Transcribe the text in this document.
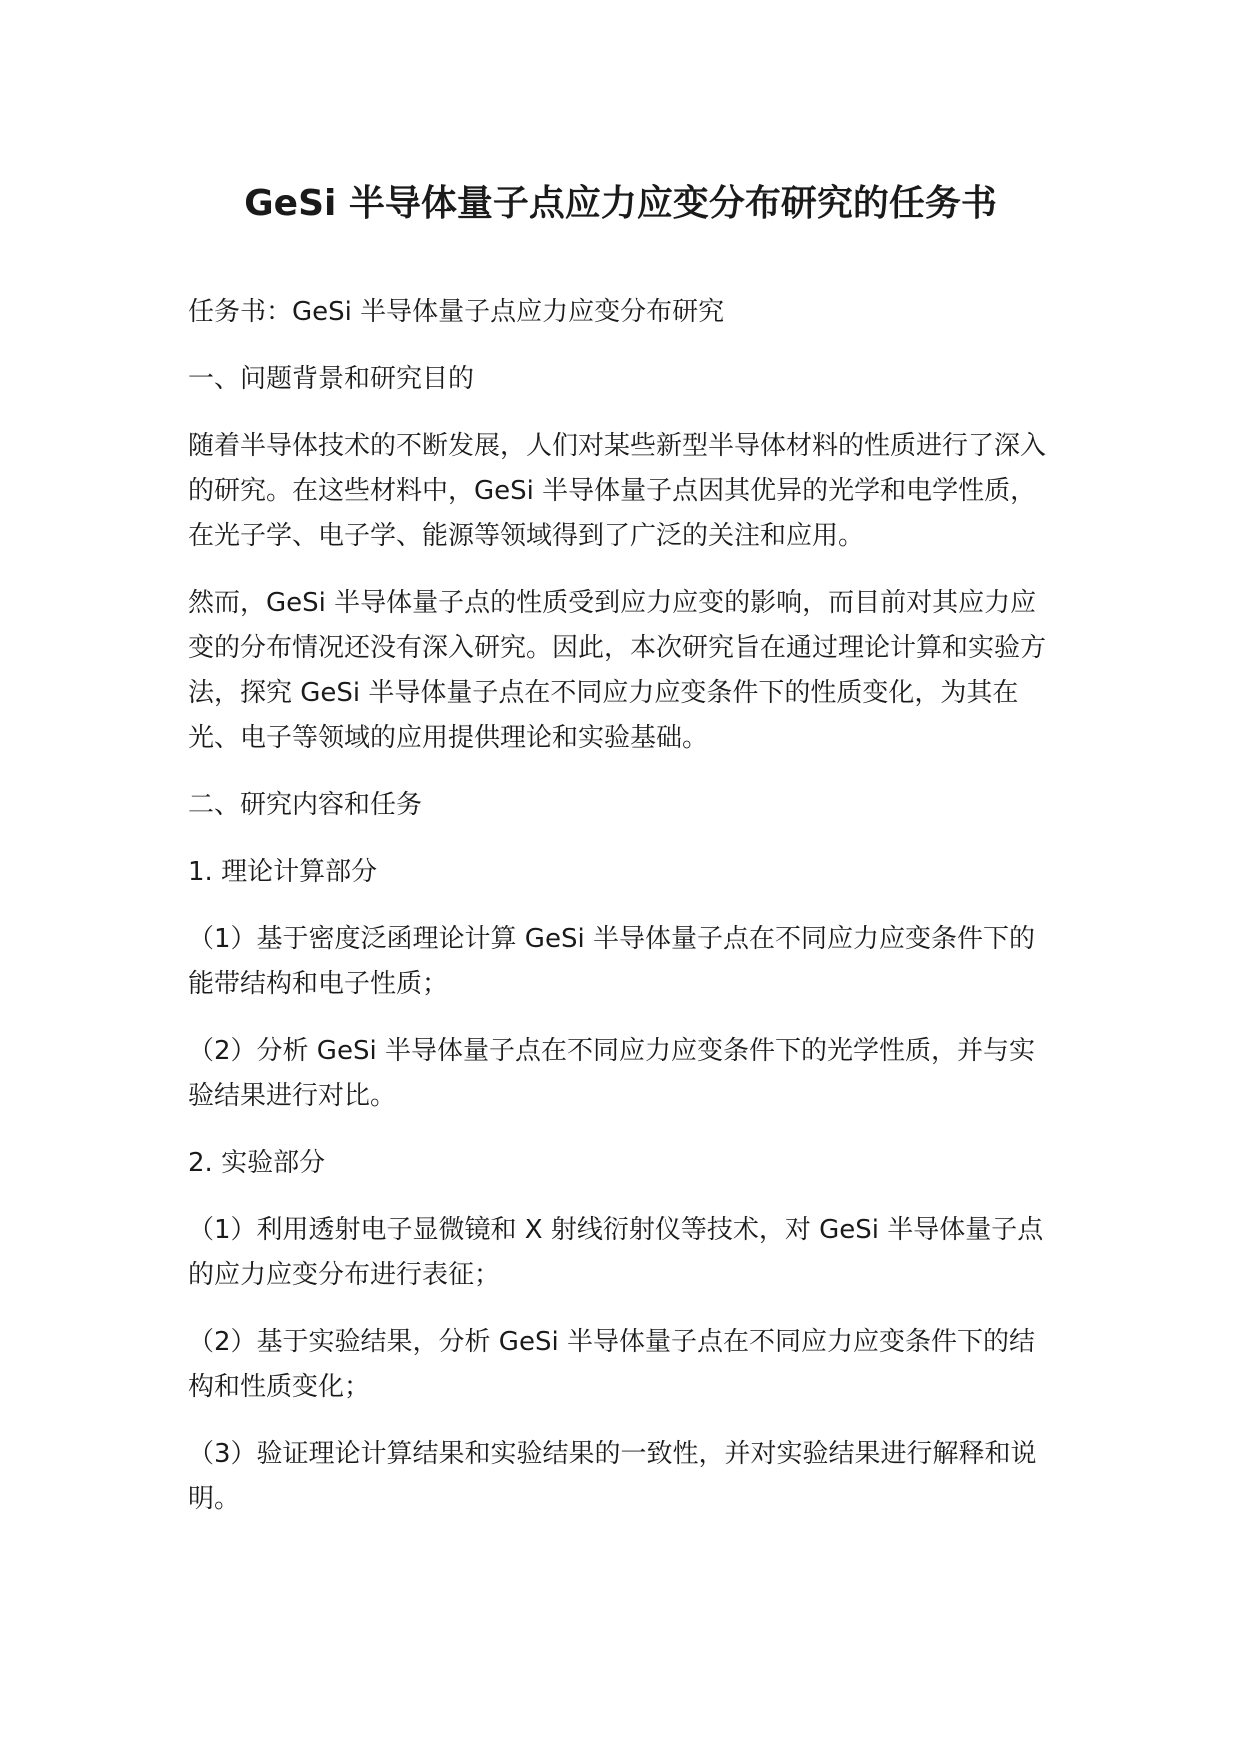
GeSi 半导体量子点应力应变分布研究的任务书

任务书：GeSi 半导体量子点应力应变分布研究

一、问题背景和研究目的

随着半导体技术的不断发展，人们对某些新型半导体材料的性质进行了深入的研究。在这些材料中，GeSi 半导体量子点因其优异的光学和电学性质，在光子学、电子学、能源等领域得到了广泛的关注和应用。

然而，GeSi 半导体量子点的性质受到应力应变的影响，而目前对其应力应变的分布情况还没有深入研究。因此，本次研究旨在通过理论计算和实验方法，探究 GeSi 半导体量子点在不同应力应变条件下的性质变化，为其在光、电子等领域的应用提供理论和实验基础。

二、研究内容和任务

1. 理论计算部分

（1）基于密度泛函理论计算 GeSi 半导体量子点在不同应力应变条件下的能带结构和电子性质；

（2）分析 GeSi 半导体量子点在不同应力应变条件下的光学性质，并与实验结果进行对比。

2. 实验部分

（1）利用透射电子显微镜和 X 射线衍射仪等技术，对 GeSi 半导体量子点的应力应变分布进行表征；

（2）基于实验结果，分析 GeSi 半导体量子点在不同应力应变条件下的结构和性质变化；

（3）验证理论计算结果和实验结果的一致性，并对实验结果进行解释和说明。
